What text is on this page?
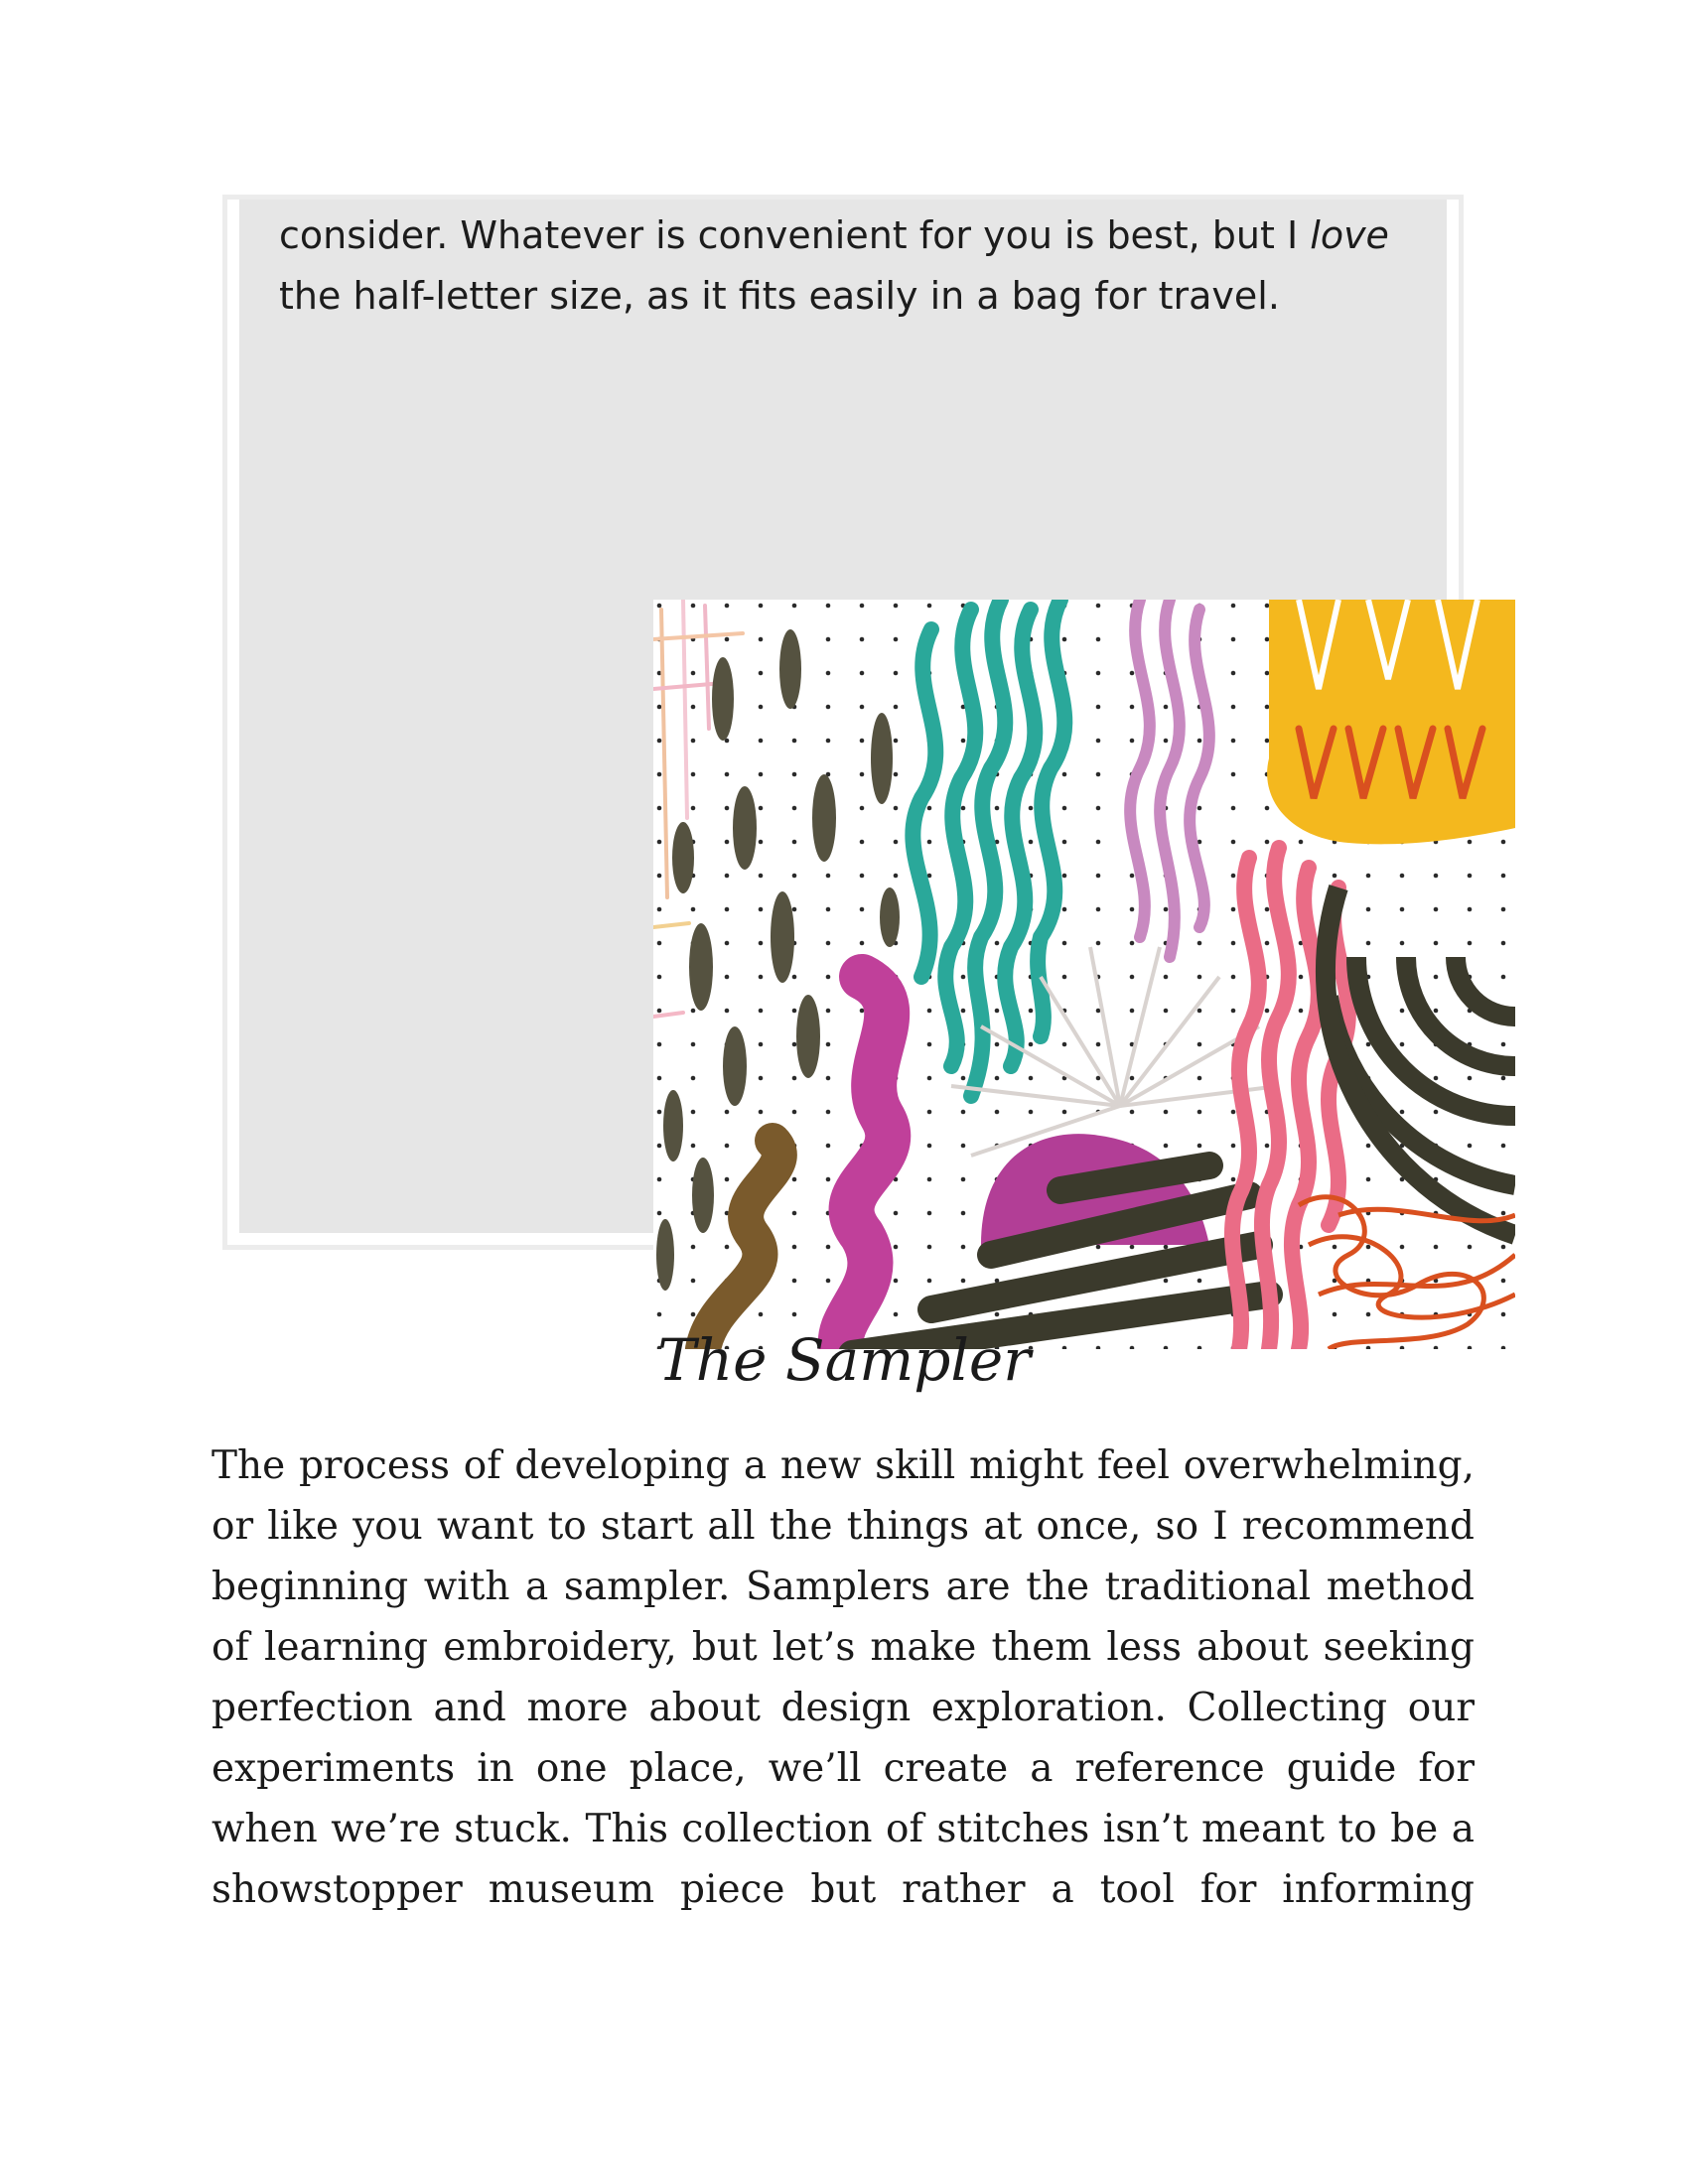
consider. Whatever is convenient for you is best, but I love
the half-letter size, as it fits easily in a bag for travel.

The Sampler

The process of developing a new skill might feel overwhelming,
or like you want to start all the things at once, so I recommend
beginning with a sampler. Samplers are the traditional method
of learning embroidery, but let’s make them less about seeking
perfection and more about design exploration. Collecting our
experiments in one place, we’ll create a reference guide for
when we’re stuck. This collection of stitches isn’t meant to be a
showstopper museum piece but rather a tool for informing
